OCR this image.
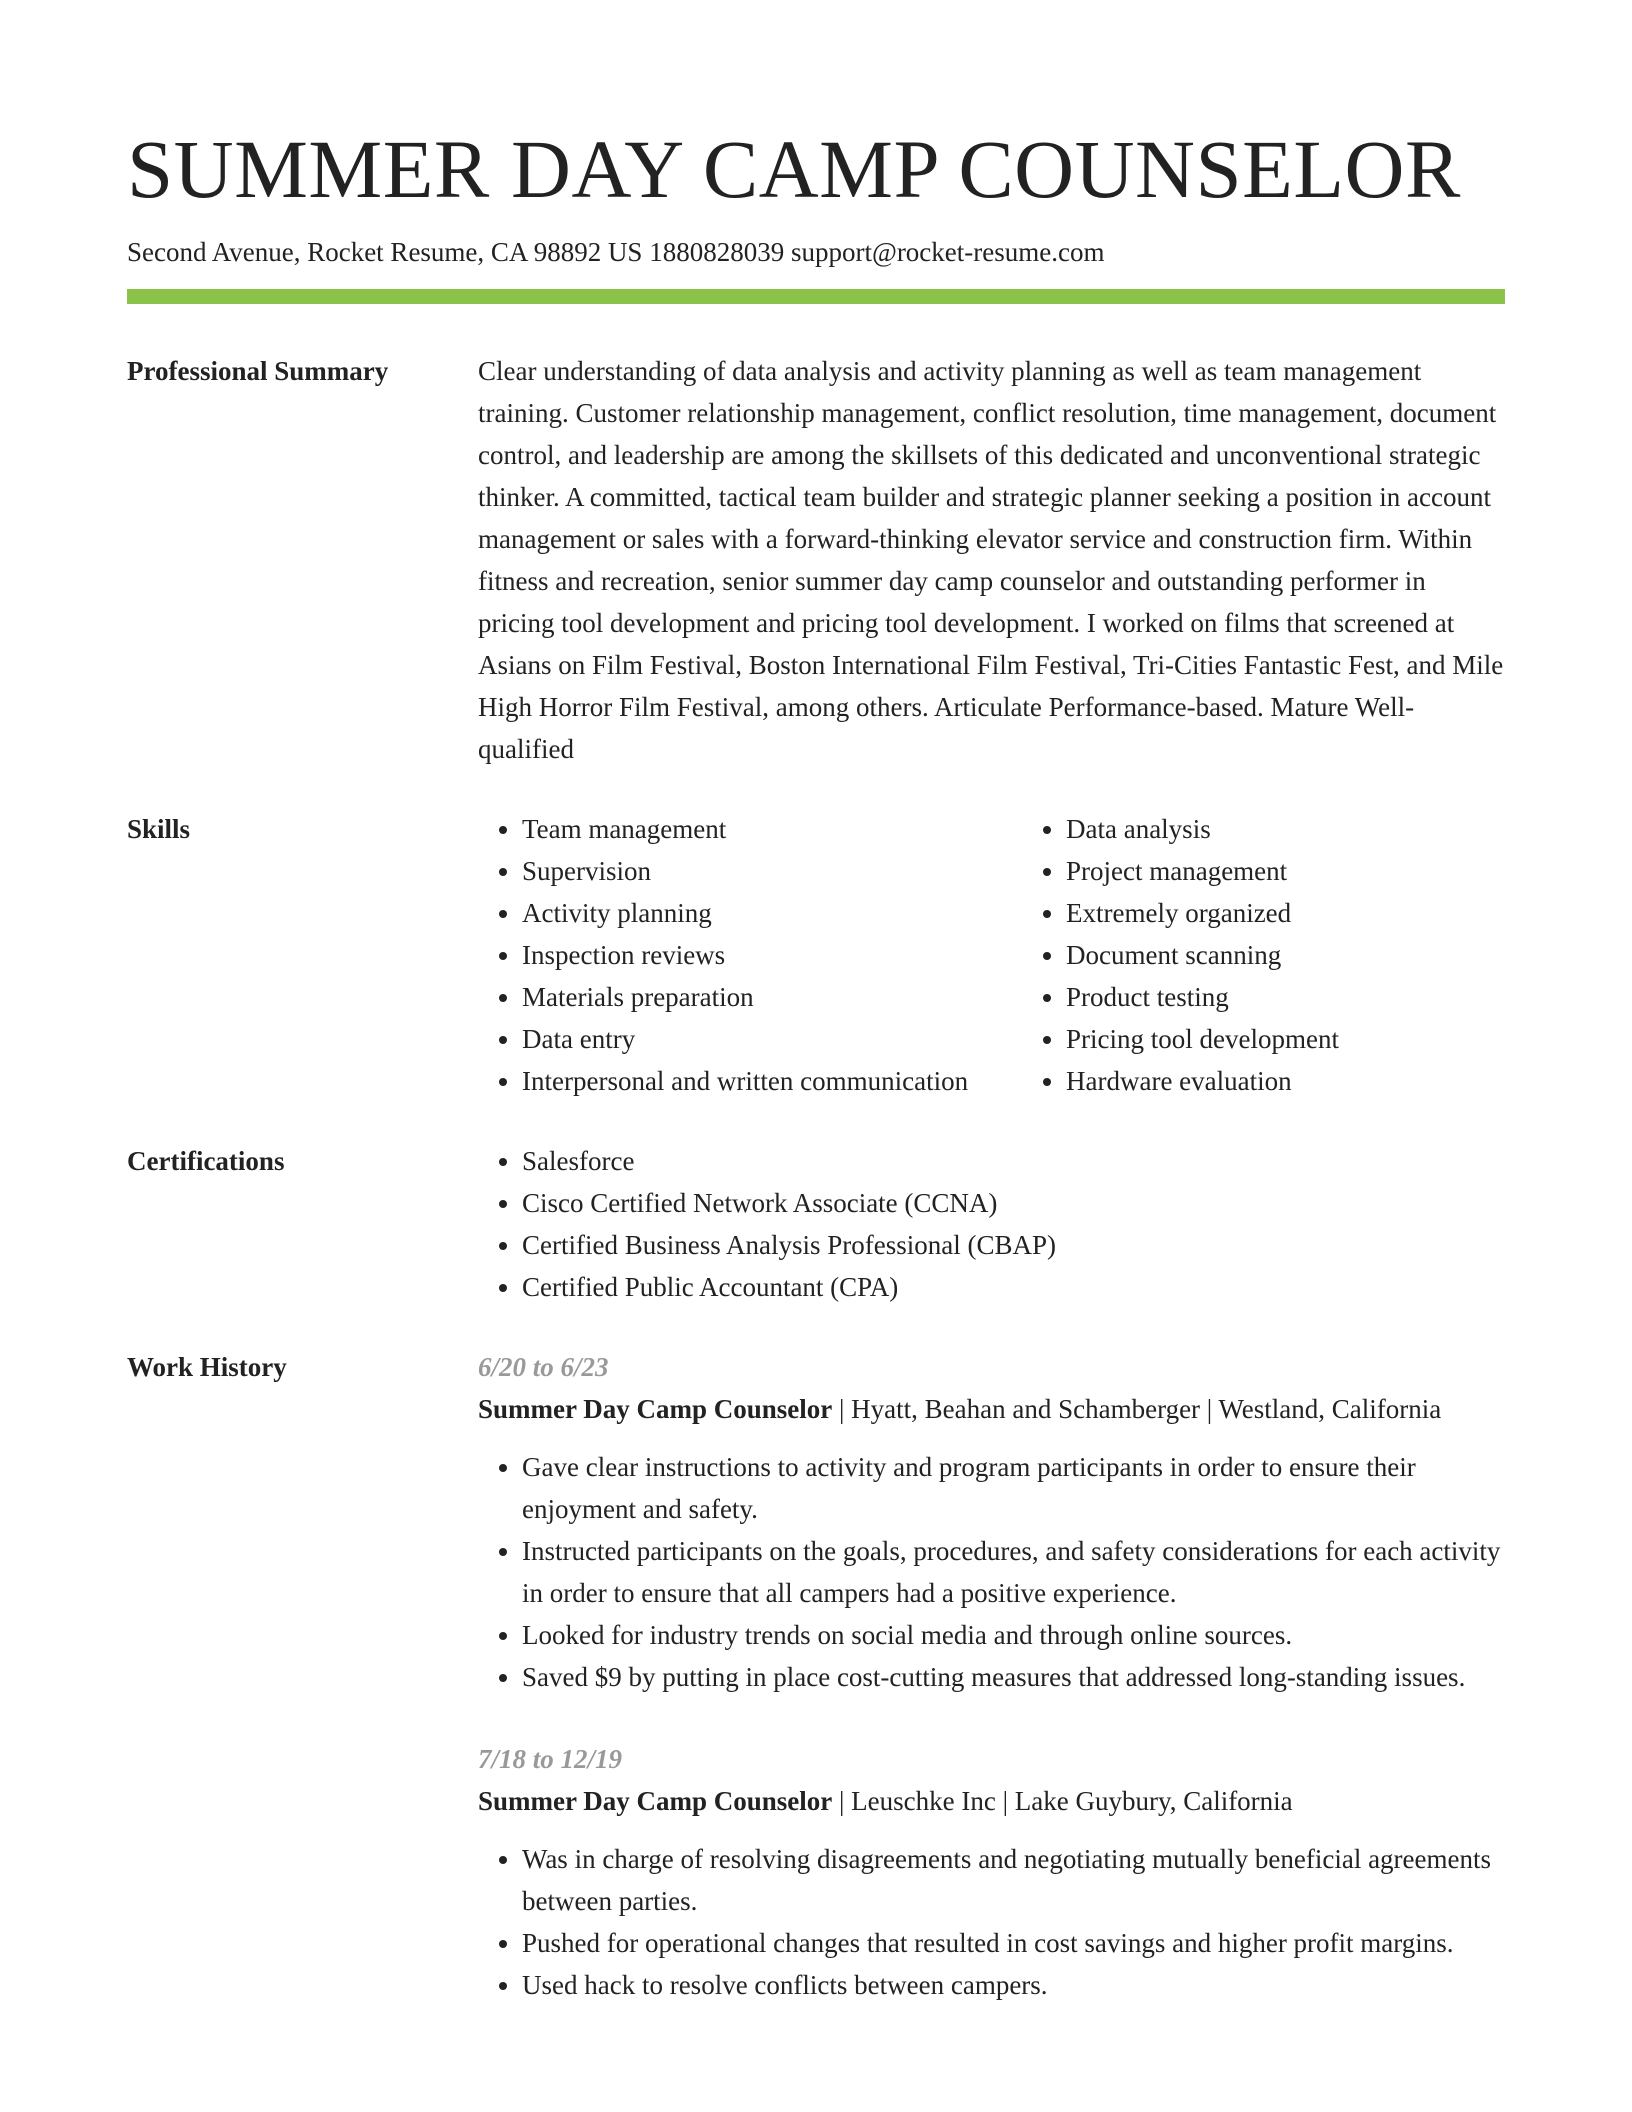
SUMMER DAY CAMP COUNSELOR
Second Avenue, Rocket Resume, CA 98892 US 1880828039 support@rocket-resume.com
Professional Summary	Clear understanding of data analysis and activity planning as well as team management training. Customer relationship management, conflict resolution, time management, document control, and leadership are among the skillsets of this dedicated and unconventional strategic thinker. A committed, tactical team builder and strategic planner seeking a position in account management or sales with a forward-thinking elevator service and construction firm. Within fitness and recreation, senior summer day camp counselor and outstanding performer in pricing tool development and pricing tool development. I worked on films that screened at Asians on Film Festival, Boston International Film Festival, Tri-Cities Fantastic Fest, and Mile High Horror Film Festival, among others. Articulate Performance-based. Mature Well-qualified

Skills	• Team management
• Supervision
• Activity planning
• Inspection reviews
• Materials preparation
• Data entry
• Interpersonal and written communication
• Data analysis
• Project management
• Extremely organized
• Document scanning
• Product testing
• Pricing tool development
• Hardware evaluation
Certifications	• Salesforce
• Cisco Certified Network Associate (CCNA)
• Certified Business Analysis Professional (CBAP)
• Certified Public Accountant (CPA)
Work History	6/20 to 6/23
Summer Day Camp Counselor | Hyatt, Beahan and Schamberger | Westland, California
• Gave clear instructions to activity and program participants in order to ensure their enjoyment and safety.
• Instructed participants on the goals, procedures, and safety considerations for each activity in order to ensure that all campers had a positive experience.
• Looked for industry trends on social media and through online sources.
• Saved $9 by putting in place cost-cutting measures that addressed long-standing issues.
7/18 to 12/19
Summer Day Camp Counselor | Leuschke Inc | Lake Guybury, California
• Was in charge of resolving disagreements and negotiating mutually beneficial agreements between parties.
• Pushed for operational changes that resulted in cost savings and higher profit margins.
• Used hack to resolve conflicts between campers.
